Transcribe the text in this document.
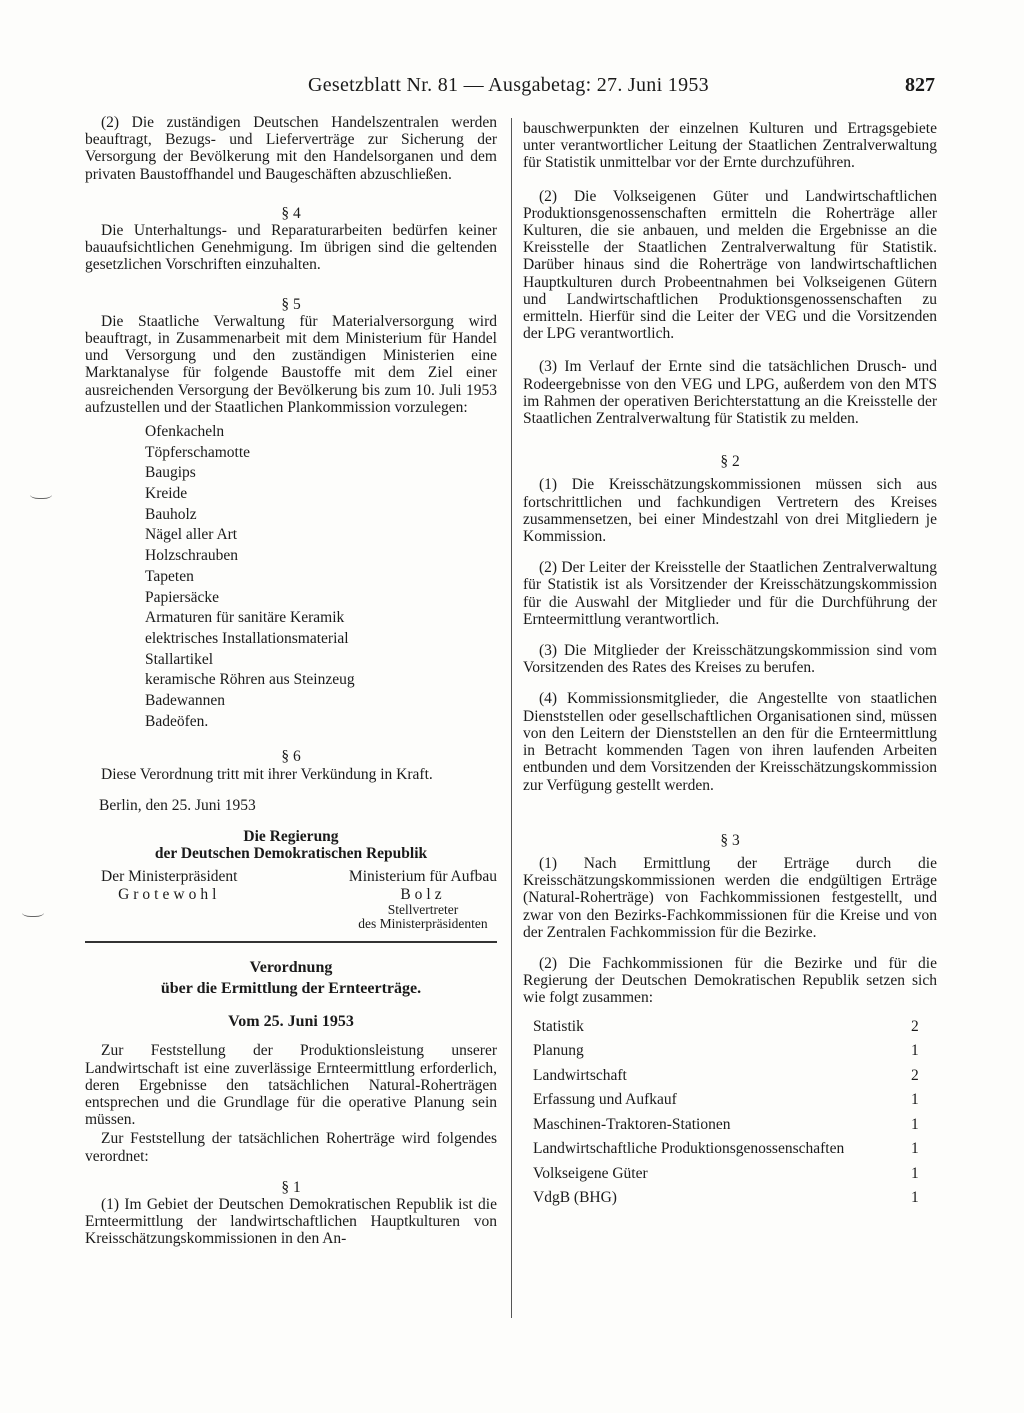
Gesetzblatt Nr. 81 — Ausgabetag: 27. Juni 1953	827

(2) Die zuständigen Deutschen Handelszentralen werden beauftragt, Bezugs- und Lieferverträge zur Sicherung der Versorgung der Bevölkerung mit den Handelsorganen und dem privaten Baustoffhandel und Baugeschäften abzuschließen.

§ 4

Die Unterhaltungs- und Reparaturarbeiten bedürfen keiner bauaufsichtlichen Genehmigung. Im übrigen sind die geltenden gesetzlichen Vorschriften einzuhalten.

§ 5

Die Staatliche Verwaltung für Materialversorgung wird beauftragt, in Zusammenarbeit mit dem Ministerium für Handel und Versorgung und den zuständigen Ministerien eine Marktanalyse für folgende Baustoffe mit dem Ziel einer ausreichenden Versorgung der Bevölkerung bis zum 10. Juli 1953 aufzustellen und der Staatlichen Plankommission vorzulegen:

Ofenkacheln
Töpferschamotte
Baugips
Kreide
Bauholz
Nägel aller Art
Holzschrauben
Tapeten
Papiersäcke
Armaturen für sanitäre Keramik
elektrisches Installationsmaterial
Stallartikel
keramische Röhren aus Steinzeug
Badewannen
Badeöfen.

§ 6

Diese Verordnung tritt mit ihrer Verkündung in Kraft.

Berlin, den 25. Juni 1953

Die Regierung

der Deutschen Demokratischen Republik

Der Ministerpräsident
Grotewohl
Ministerium für Aufbau
Bolz
Stellvertreter
des Ministerpräsidenten

Verordnung

über die Ermittlung der Ernteerträge.

Vom 25. Juni 1953

Zur Feststellung der Produktionsleistung unserer Landwirtschaft ist eine zuverlässige Ernteermittlung erforderlich, deren Ergebnisse den tatsächlichen Natural-Roherträgen entsprechen und die Grundlage für die operative Planung sein müssen.

Zur Feststellung der tatsächlichen Roherträge wird folgendes verordnet:

§ 1

(1) Im Gebiet der Deutschen Demokratischen Republik ist die Ernteermittlung der landwirtschaftlichen Hauptkulturen von Kreisschätzungskommissionen in den An-

bauschwerpunkten der einzelnen Kulturen und Ertragsgebiete unter verantwortlicher Leitung der Staatlichen Zentralverwaltung für Statistik unmittelbar vor der Ernte durchzuführen.

(2) Die Volkseigenen Güter und Landwirtschaftlichen Produktionsgenossenschaften ermitteln die Roherträge aller Kulturen, die sie anbauen, und melden die Ergebnisse an die Kreisstelle der Staatlichen Zentralverwaltung für Statistik. Darüber hinaus sind die Roherträge von landwirtschaftlichen Hauptkulturen durch Probeentnahmen bei Volkseigenen Gütern und Landwirtschaftlichen Produktionsgenossenschaften zu ermitteln. Hierfür sind die Leiter der VEG und die Vorsitzenden der LPG verantwortlich.

(3) Im Verlauf der Ernte sind die tatsächlichen Drusch- und Rodeergebnisse von den VEG und LPG, außerdem von den MTS im Rahmen der operativen Berichterstattung an die Kreisstelle der Staatlichen Zentralverwaltung für Statistik zu melden.

§ 2

(1) Die Kreisschätzungskommissionen müssen sich aus fortschrittlichen und fachkundigen Vertretern des Kreises zusammensetzen, bei einer Mindestzahl von drei Mitgliedern je Kommission.

(2) Der Leiter der Kreisstelle der Staatlichen Zentralverwaltung für Statistik ist als Vorsitzender der Kreisschätzungskommission für die Auswahl der Mitglieder und für die Durchführung der Ernteermittlung verantwortlich.

(3) Die Mitglieder der Kreisschätzungskommission sind vom Vorsitzenden des Rates des Kreises zu berufen.

(4) Kommissionsmitglieder, die Angestellte von staatlichen Dienststellen oder gesellschaftlichen Organisationen sind, müssen von den Leitern der Dienststellen an den für die Ernteermittlung in Betracht kommenden Tagen von ihren laufenden Arbeiten entbunden und dem Vorsitzenden der Kreisschätzungskommission zur Verfügung gestellt werden.

§ 3

(1) Nach Ermittlung der Erträge durch die Kreisschätzungskommissionen werden die endgültigen Erträge (Natural-Roherträge) von Fachkommissionen festgestellt, und zwar von den Bezirks-Fachkommissionen für die Kreise und von der Zentralen Fachkommission für die Bezirke.

(2) Die Fachkommissionen für die Bezirke und für die Regierung der Deutschen Demokratischen Republik setzen sich wie folgt zusammen:

Statistik	2
Planung	1
Landwirtschaft	2
Erfassung und Aufkauf	1
Maschinen-Traktoren-Stationen	1
Landwirtschaftliche Produktionsgenossenschaften	1
Volkseigene Güter	1
VdgB (BHG)	1
